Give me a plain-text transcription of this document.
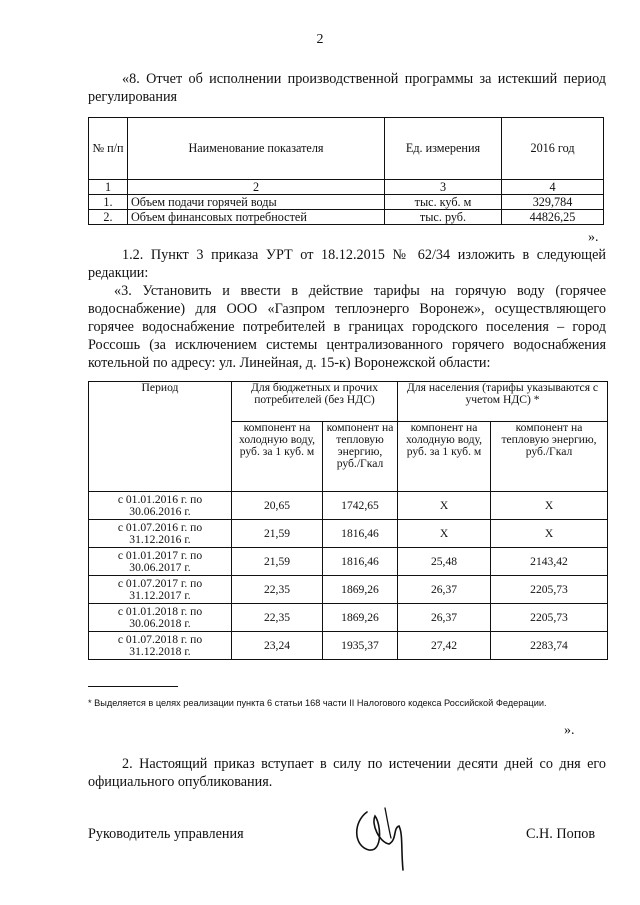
2
«8. Отчет об исполнении производственной программы за истекший период регулирования
№ п/п	Наименование показателя	Ед. измерения	2016 год
1	2	3	4
1.	Объем подачи горячей воды	тыс. куб. м	329,784
2.	Объем финансовых потребностей	тыс. руб.	44826,25
».
1.2. Пункт 3 приказа УРТ от 18.12.2015 № 62/34 изложить в следующей редакции:
«3. Установить и ввести в действие тарифы на горячую воду (горячее водоснабжение) для ООО «Газпром теплоэнерго Воронеж», осуществляющего горячее водоснабжение потребителей в границах городского поселения – город Россошь (за исключением системы централизованного горячего водоснабжения котельной по адресу: ул. Линейная, д. 15-к) Воронежской области:
Период	Для бюджетных и прочих потребителей (без НДС)		Для населения (тарифы указываются с учетом НДС) *	
	компонент на холодную воду, руб. за 1 куб. м	компонент на тепловую энергию, руб./Гкал	компонент на холодную воду, руб. за 1 куб. м	компонент на тепловую энергию, руб./Гкал
с 01.01.2016 г. по 30.06.2016 г.	20,65	1742,65	X	X
с 01.07.2016 г. по 31.12.2016 г.	21,59	1816,46	X	X
с 01.01.2017 г. по 30.06.2017 г.	21,59	1816,46	25,48	2143,42
с 01.07.2017 г. по 31.12.2017 г.	22,35	1869,26	26,37	2205,73
с 01.01.2018 г. по 30.06.2018 г.	22,35	1869,26	26,37	2205,73
с 01.07.2018 г. по 31.12.2018 г.	23,24	1935,37	27,42	2283,74
* Выделяется в целях реализации пункта 6 статьи 168 части II Налогового кодекса Российской Федерации.
».
2. Настоящий приказ вступает в силу по истечении десяти дней со дня его официального опубликования.
Руководитель управления	С.Н. Попов
